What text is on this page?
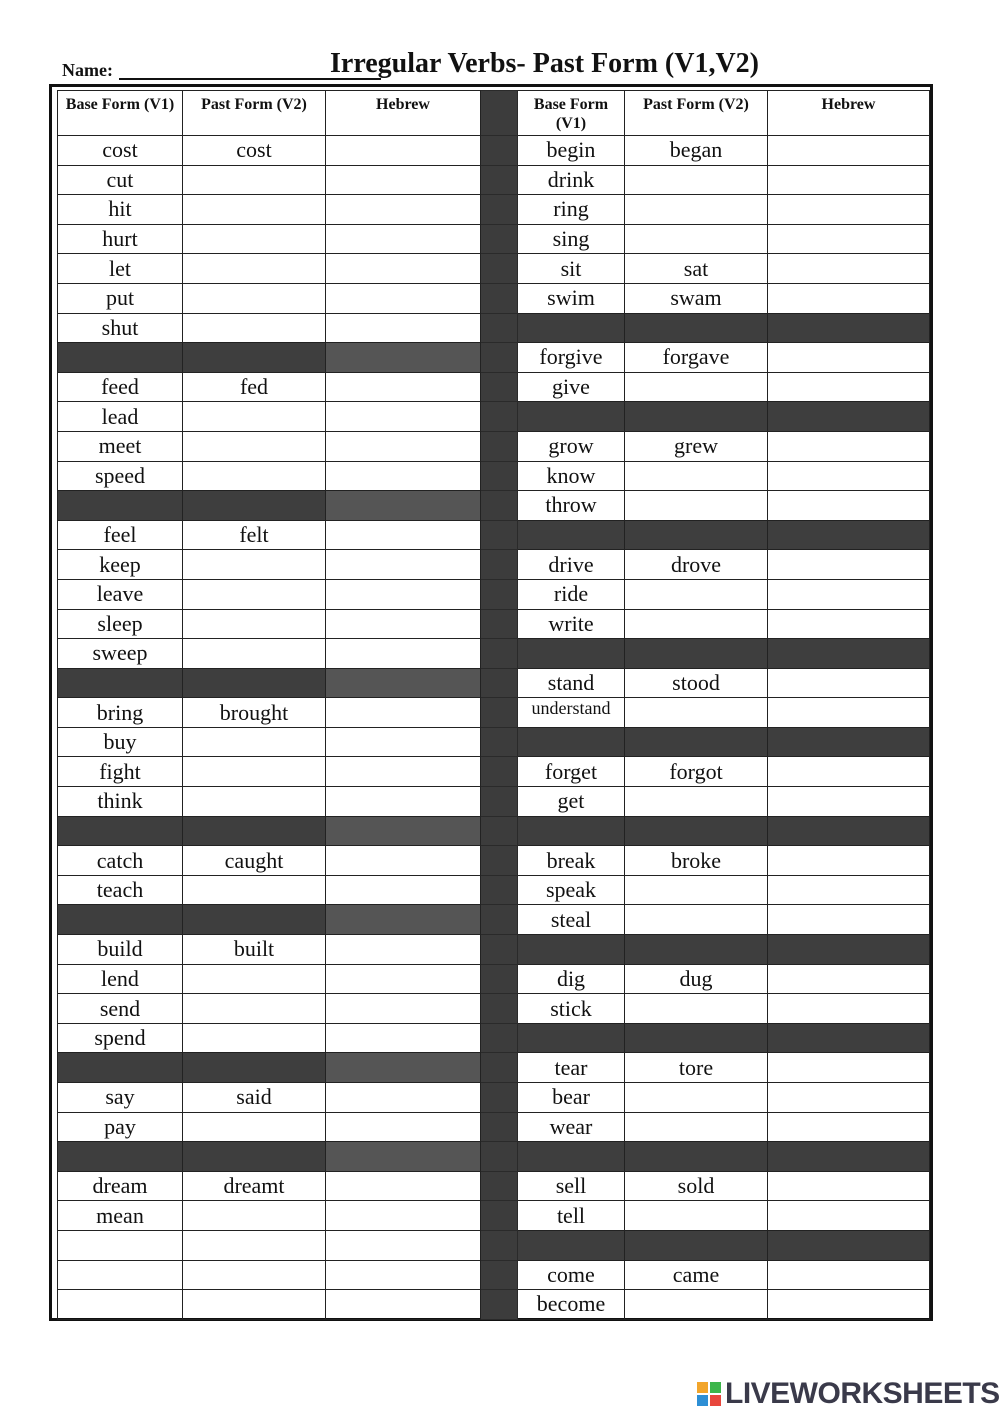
Name:	Irregular Verbs- Past Form (V1,V2)
Base Form (V1)	Past Form (V2)	Hebrew		Base Form (V1)	Past Form (V2)	Hebrew
cost	cost			begin	began	
cut				drink		
hit				ring		
hurt				sing		
let				sit	sat	
put				swim	swam	
shut						
				forgive	forgave	
feed	fed			give		
lead						
meet				grow	grew	
speed				know		
				throw		
feel	felt					
keep				drive	drove	
leave				ride		
sleep				write		
sweep						
				stand	stood	
bring	brought			understand		
buy						
fight				forget	forgot	
think				get		

catch	caught			break	broke	
teach				speak		
				steal		
build	built					
lend				dig	dug	
send				stick		
spend						
				tear	tore	
say	said			bear		
pay				wear		

dream	dreamt			sell	sold	
mean				tell		

				come	came	
				become		
LIVEWORKSHEETS
